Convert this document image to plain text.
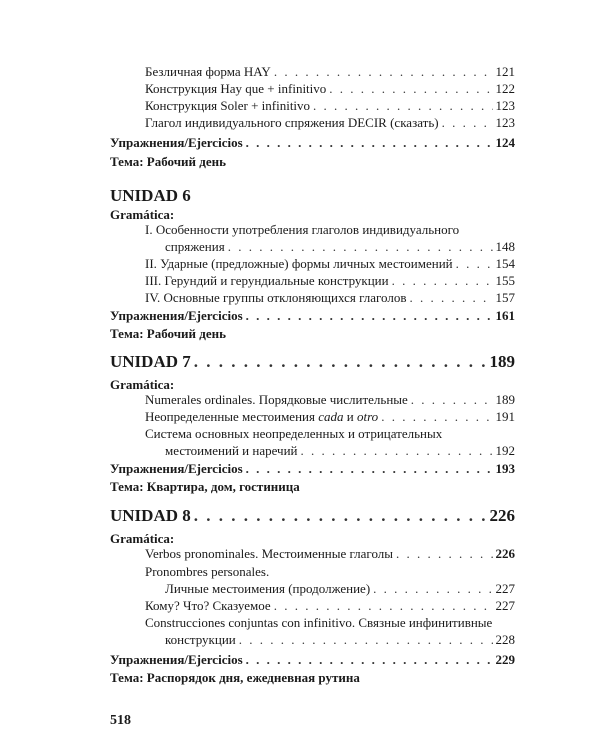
Безличная форма HAY . . .	121
Конструкция Hay que + infinitivo . . .	122
Конструкция Soler + infinitivo . . .	123
Глагол индивидуального спряжения DECIR (сказать) . . .	123
Упражнения/Ejercicios . . .	124
Тема: Рабочий день
UNIDAD 6
Gramática:
I. Особенности употребления глаголов индивидуального
спряжения . . .	148
II. Ударные (предложные) формы личных местоимений . . .	154
III. Герундий и герундиальные конструкции . . .	155
IV. Основные группы отклоняющихся глаголов . . .	157
Упражнения/Ejercicios . . .	161
Тема: Рабочий день
UNIDAD 7 . . .	189
Gramática:
Numerales ordinales. Порядковые числительные . . .	189
Неопределенные местоимения cada и otro . . .	191
Система основных неопределенных и отрицательных
местоимений и наречий . . .	192
Упражнения/Ejercicios . . .	193
Тема: Квартира, дом, гостиница
UNIDAD 8 . . .	226
Gramática:
Verbos pronominales. Местоименные глаголы . . .	226
Pronombres personales.
Личные местоимения (продолжение) . . .	227
Кому? Что? Сказуемое . . .	227
Construcciones conjuntas con infinitivo. Связные инфинитивные
конструкции . . .	228
Упражнения/Ejercicios . . .	229
Тема: Распорядок дня, ежедневная рутина
518
